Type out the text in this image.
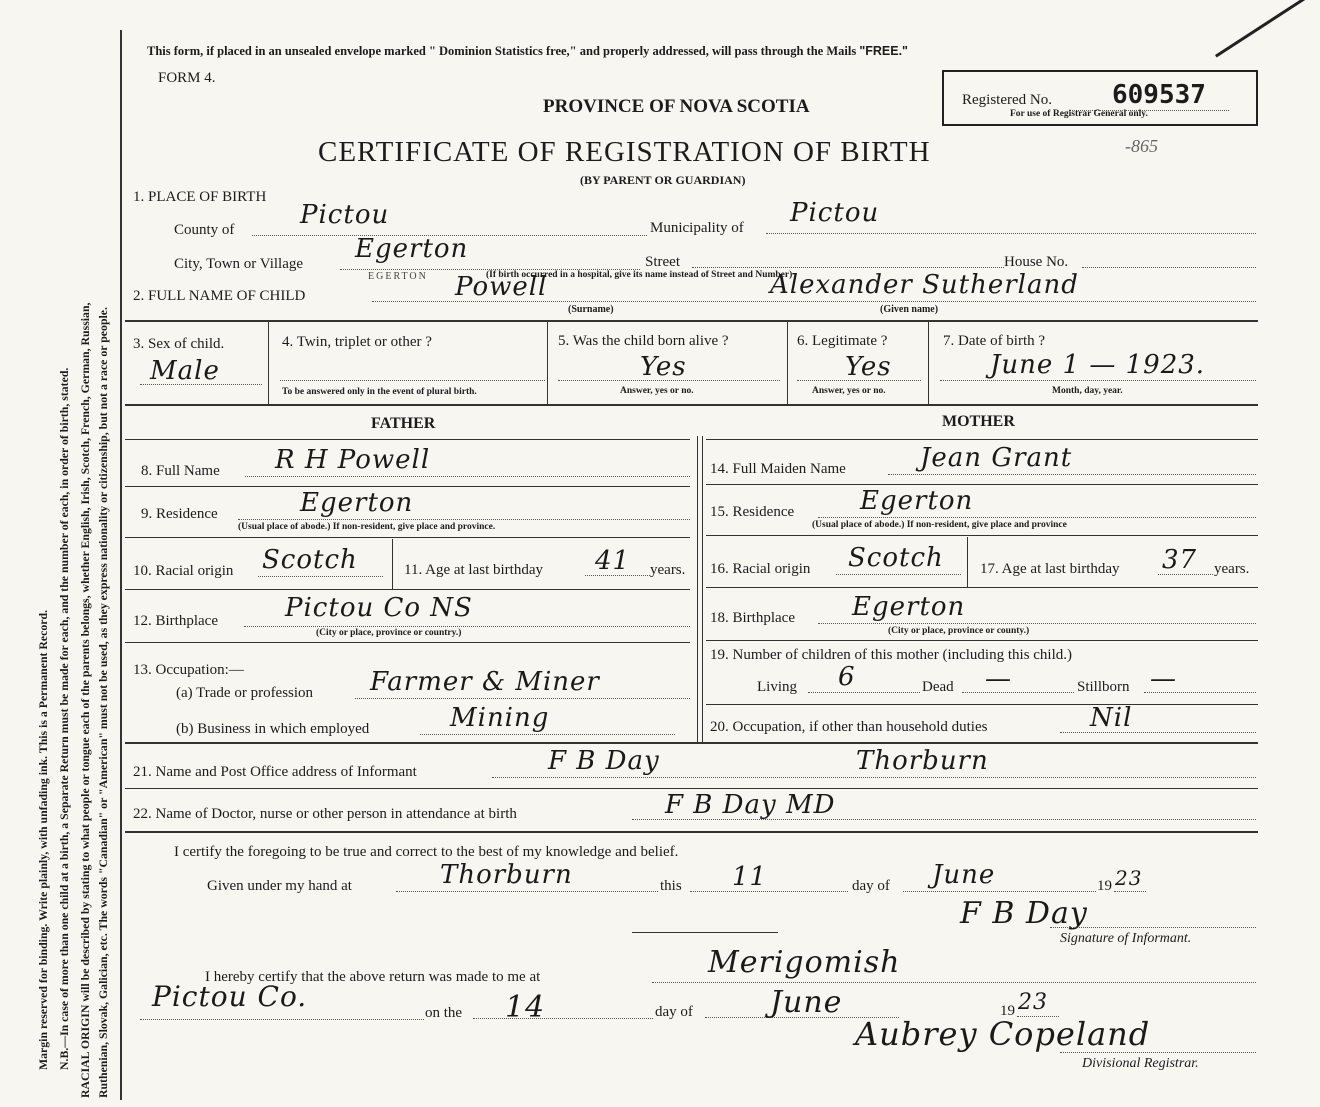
Margin reserved for binding. Write plainly, with unfading ink. This is a Permanent Record. N.B.—In case of more than one child at a birth, a Separate Return must be made for each, and the number of each, in order of birth, stated. RACIAL ORIGIN will be described by stating to what people or tongue each of the parents belongs, whether English, Irish, Scotch, French, German, Russian, Ruthenian, Slovak, Galician, etc. The words "Canadian" or "American" must not be used, as they express nationality or citizenship, but not a race or people.
This form, if placed in an unsealed envelope marked " Dominion Statistics free," and properly addressed, will pass through the Mails "FREE."
FORM 4.
PROVINCE OF NOVA SCOTIA
CERTIFICATE OF REGISTRATION OF BIRTH
(BY PARENT OR GUARDIAN)
Registered No. 609537
For use of Registrar General only.
-865
1. PLACE OF BIRTH
County of	Pictou	Municipality of Pictou
City, Town or Village Egerton
EGERTON
Street	House No.
(If birth occurred in a hospital, give its name instead of Street and Number)
2. FULL NAME OF CHILD	Powell	Alexander Sutherland
(Surname)	(Given name)
3. Sex of child.
Male
4. Twin, triplet or other ?
To be answered only in the event of plural birth.
5. Was the child born alive ?
Yes
Answer, yes or no.
6. Legitimate ?
Yes
Answer, yes or no.
7. Date of birth ?
June 1 — 1923.
Month, day, year.
FATHER	MOTHER
8. Full Name R H Powell
9. Residence	Egerton
(Usual place of abode.) If non-resident, give place and province.
10. Racial origin Scotch	11. Age at last birthday 41 years.
12. Birthplace	Pictou Co NS
(City or place, province or country.)
13. Occupation:—
(a) Trade or profession Farmer & Miner
(b) Business in which employed	Mining
14. Full Maiden Name	Jean Grant
15. Residence	Egerton
(Usual place of abode.) If non-resident, give place and province
16. Racial origin Scotch 17. Age at last birthday 37 years.
18. Birthplace Egerton
(City or place, province or county.)
19. Number of children of this mother (including this child.)
Living 6	Dead —	Stillborn —
20. Occupation, if other than household duties	Nil
21. Name and Post Office address of Informant	F B Day	Thorburn
22. Name of Doctor, nurse or other person in attendance at birth	F B Day MD
I certify the foregoing to be true and correct to the best of my knowledge and belief.
Given under my hand at	Thorburn	this 11	day of June	19 23
F B Day
Signature of Informant.
I hereby certify that the above return was made to me at	Merigomish
Pictou Co.	on the 14	day of	June	19 23
Aubrey Copeland
Divisional Registrar.
